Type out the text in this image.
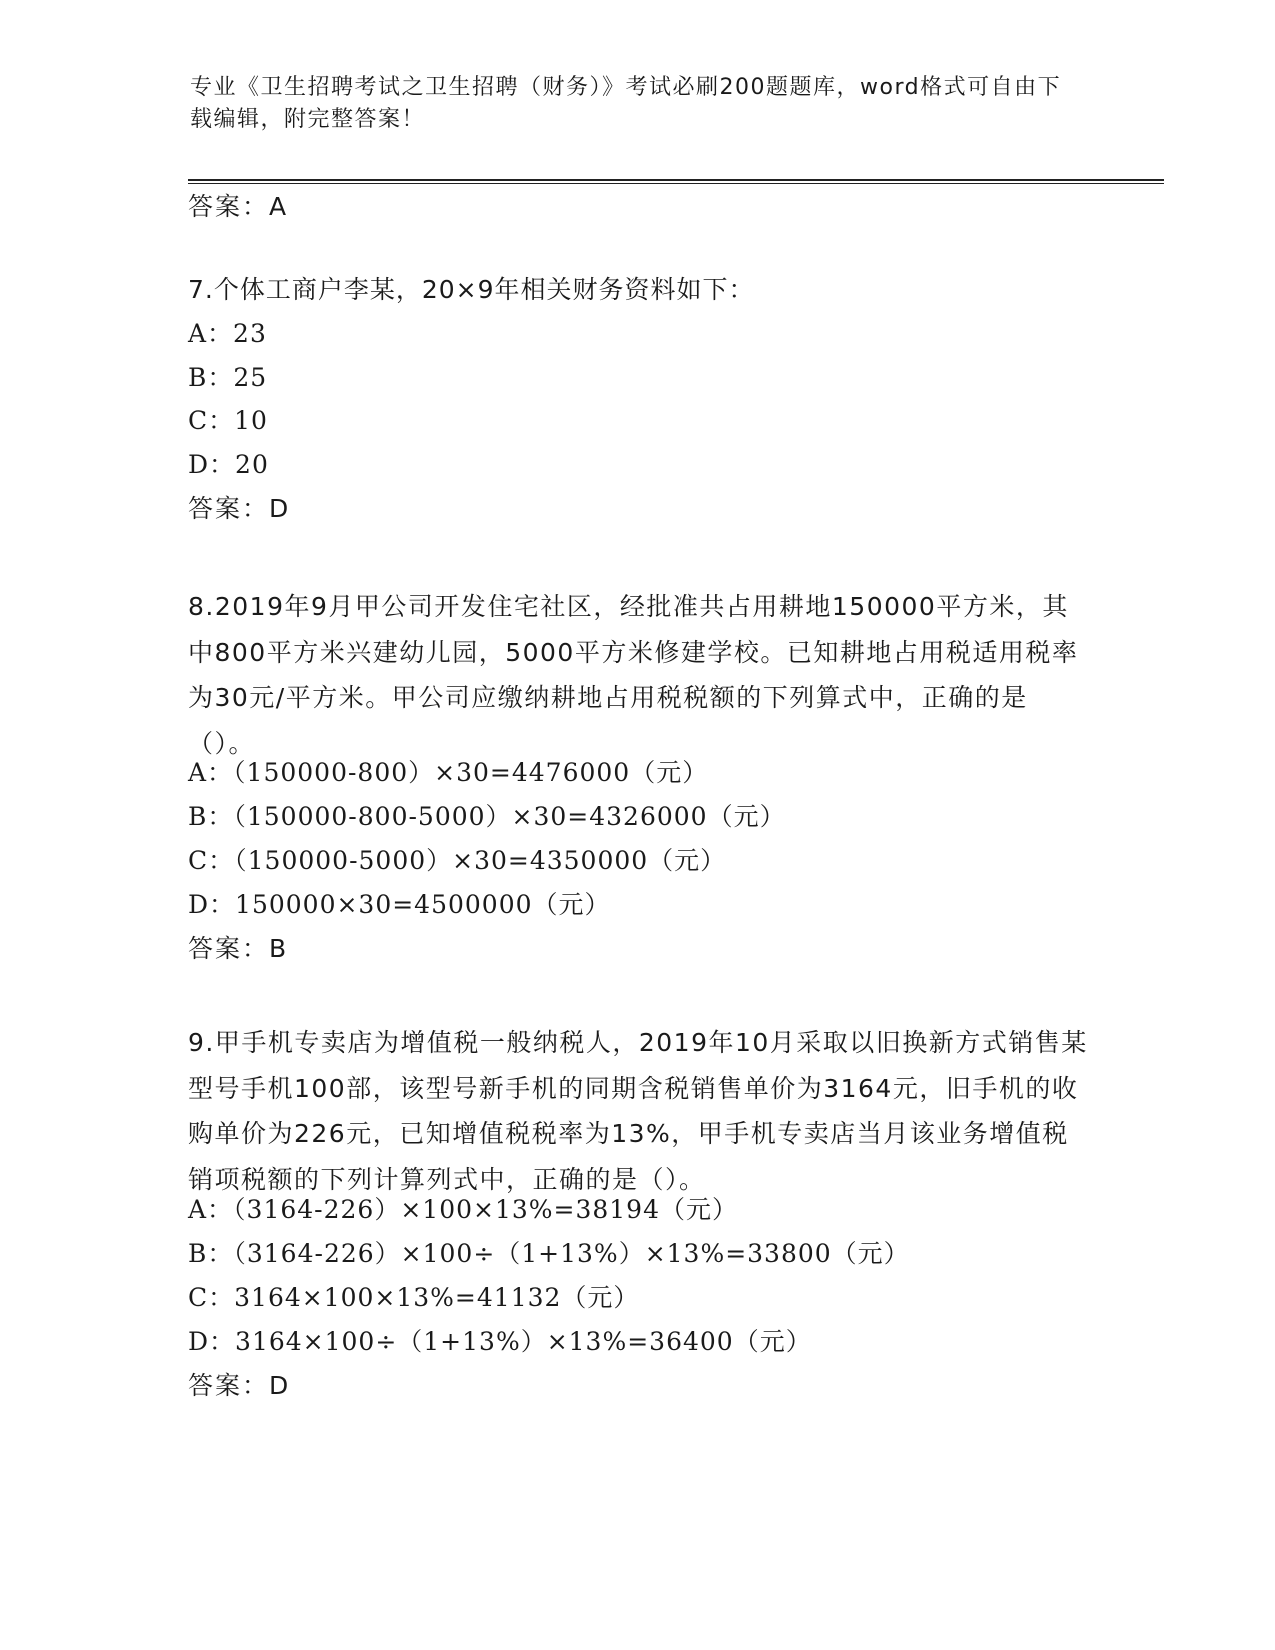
专业《卫生招聘考试之卫生招聘（财务）》考试必刷200题题库，word格式可自由下载编辑，附完整答案！
答案：A
7.个体工商户李某，20×9年相关财务资料如下：
A：23
B：25
C：10
D：20
答案：D
8.2019年9月甲公司开发住宅社区，经批准共占用耕地150000平方米，其中800平方米兴建幼儿园，5000平方米修建学校。已知耕地占用税适用税率为30元/平方米。甲公司应缴纳耕地占用税税额的下列算式中，正确的是（）。
A：（150000-800）×30=4476000（元）
B：（150000-800-5000）×30=4326000（元）
C：（150000-5000）×30=4350000（元）
D：150000×30=4500000（元）
答案：B
9.甲手机专卖店为增值税一般纳税人，2019年10月采取以旧换新方式销售某型号手机100部，该型号新手机的同期含税销售单价为3164元，旧手机的收购单价为226元，已知增值税税率为13%，甲手机专卖店当月该业务增值税销项税额的下列计算列式中，正确的是（）。
A：（3164-226）×100×13%=38194（元）
B：（3164-226）×100÷（1+13%）×13%=33800（元）
C：3164×100×13%=41132（元）
D：3164×100÷（1+13%）×13%=36400（元）
答案：D
